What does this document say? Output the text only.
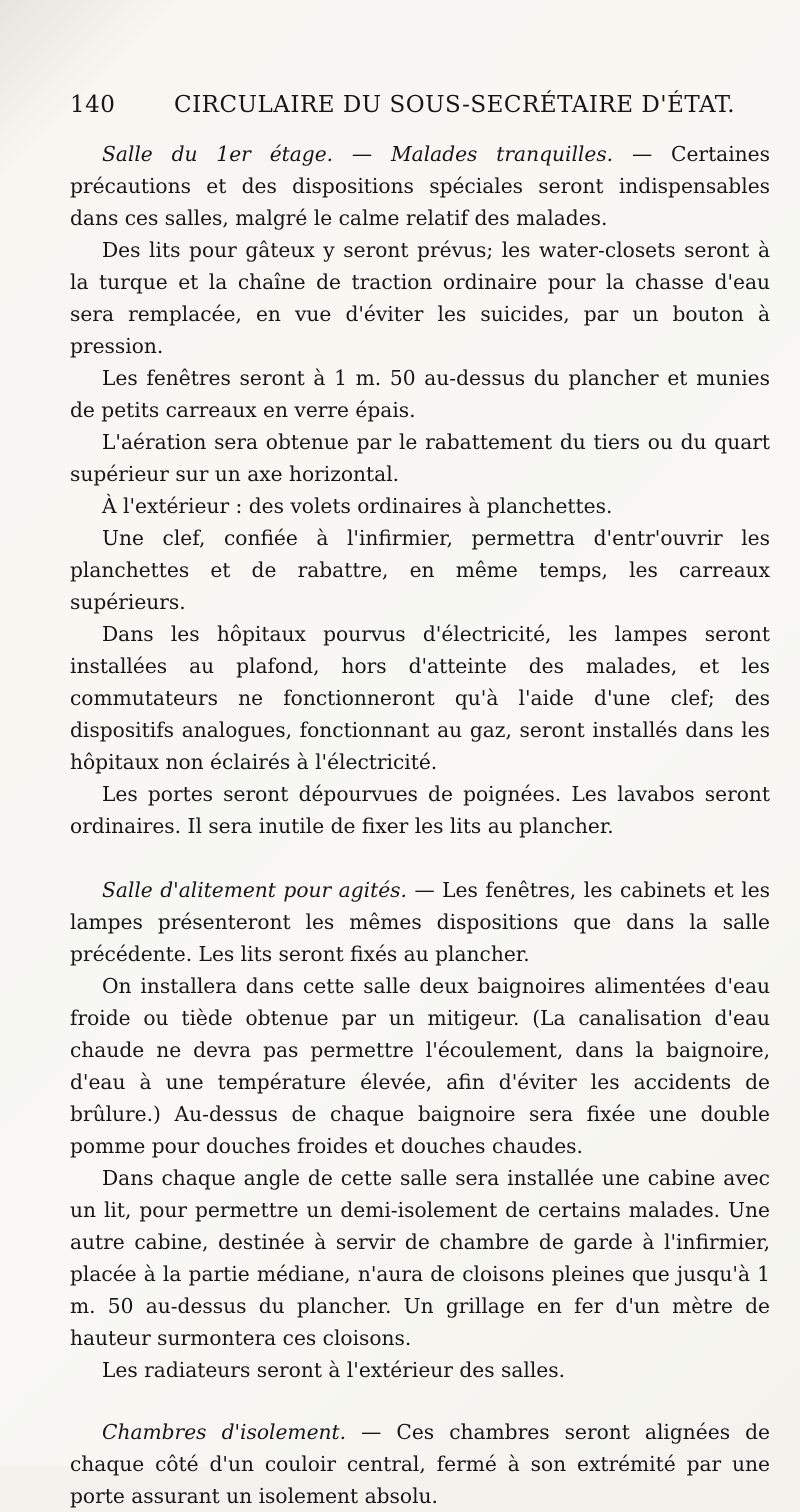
140	CIRCULAIRE DU SOUS-SECRÉTAIRE D'ÉTAT.

Salle du 1er étage. — Malades tranquilles. — Certaines précautions et des dispositions spéciales seront indispensables dans ces salles, malgré le calme relatif des malades.

Des lits pour gâteux y seront prévus; les water-closets seront à la turque et la chaîne de traction ordinaire pour la chasse d'eau sera remplacée, en vue d'éviter les suicides, par un bouton à pression.

Les fenêtres seront à 1 m. 50 au-dessus du plancher et munies de petits carreaux en verre épais.

L'aération sera obtenue par le rabattement du tiers ou du quart supérieur sur un axe horizontal.

À l'extérieur : des volets ordinaires à planchettes.

Une clef, confiée à l'infirmier, permettra d'entr'ouvrir les planchettes et de rabattre, en même temps, les carreaux supérieurs.

Dans les hôpitaux pourvus d'électricité, les lampes seront installées au plafond, hors d'atteinte des malades, et les commutateurs ne fonctionneront qu'à l'aide d'une clef; des dispositifs analogues, fonctionnant au gaz, seront installés dans les hôpitaux non éclairés à l'électricité.

Les portes seront dépourvues de poignées. Les lavabos seront ordinaires. Il sera inutile de fixer les lits au plancher.

Salle d'alitement pour agités. — Les fenêtres, les cabinets et les lampes présenteront les mêmes dispositions que dans la salle précédente. Les lits seront fixés au plancher.

On installera dans cette salle deux baignoires alimentées d'eau froide ou tiède obtenue par un mitigeur. (La canalisation d'eau chaude ne devra pas permettre l'écoulement, dans la baignoire, d'eau à une température élevée, afin d'éviter les accidents de brûlure.) Au-dessus de chaque baignoire sera fixée une double pomme pour douches froides et douches chaudes.

Dans chaque angle de cette salle sera installée une cabine avec un lit, pour permettre un demi-isolement de certains malades. Une autre cabine, destinée à servir de chambre de garde à l'infirmier, placée à la partie médiane, n'aura de cloisons pleines que jusqu'à 1 m. 50 au-dessus du plancher. Un grillage en fer d'un mètre de hauteur surmontera ces cloisons.

Les radiateurs seront à l'extérieur des salles.

Chambres d'isolement. — Ces chambres seront alignées de chaque côté d'un couloir central, fermé à son extrémité par une porte assurant un isolement absolu.
